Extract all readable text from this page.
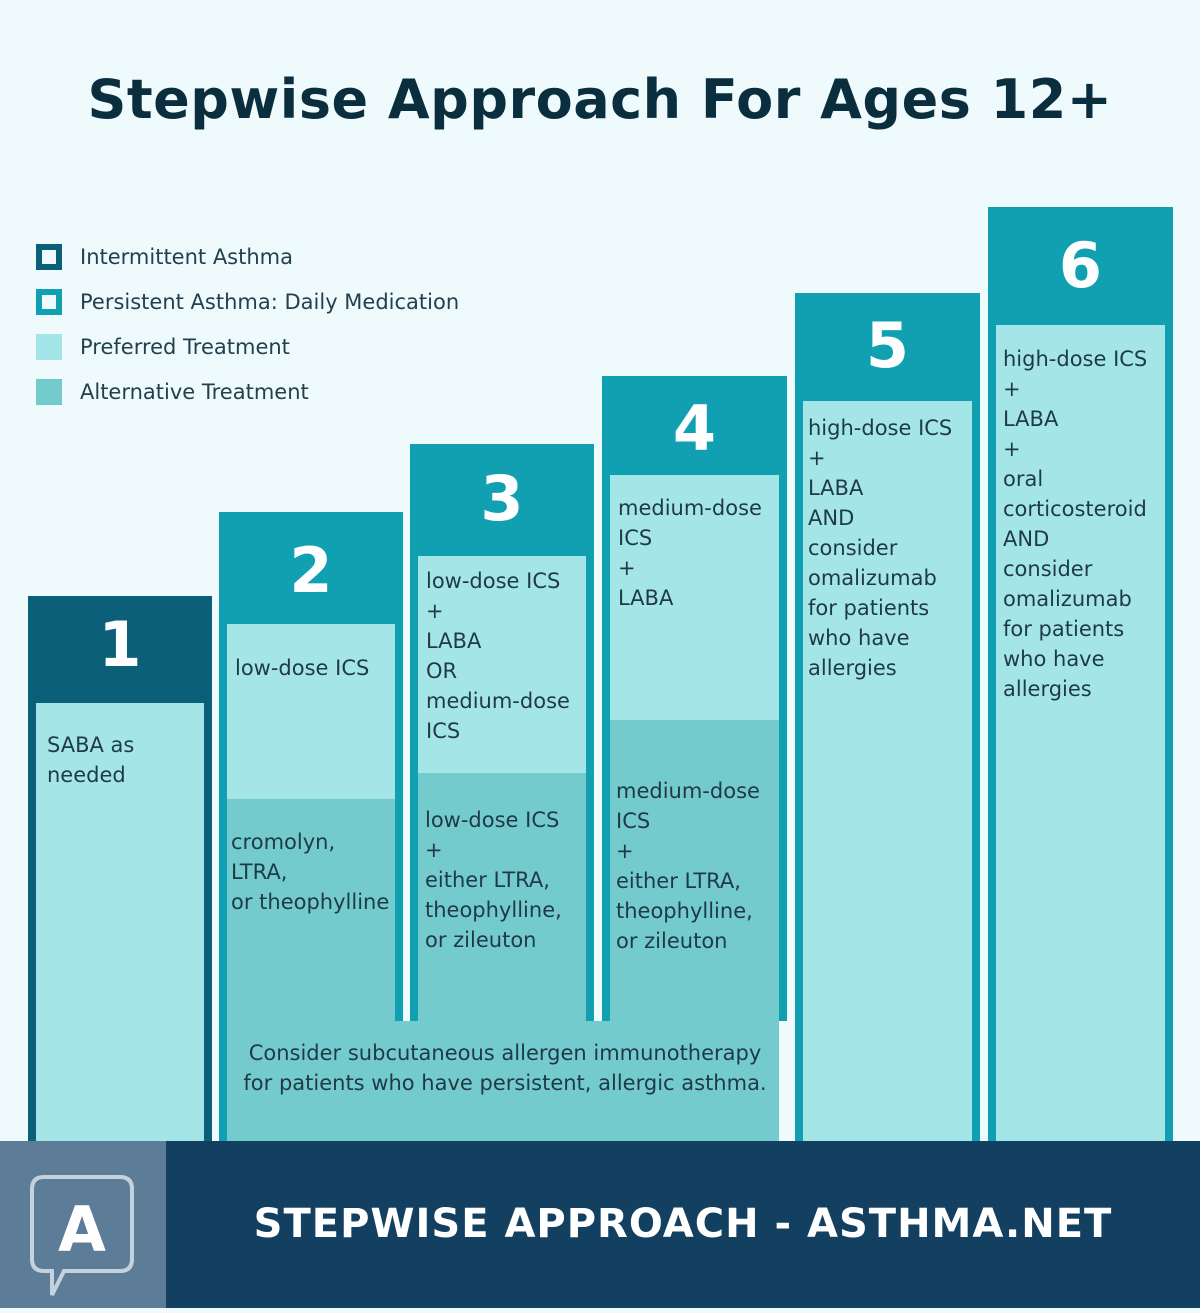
Stepwise Approach For Ages 12+
Intermittent Asthma
Persistent Asthma: Daily Medication
Preferred Treatment
Alternative Treatment
1
SABA as
needed
2
low-dose ICS
3
low-dose ICS
+
LABA
OR
medium-dose
ICS
4
medium-dose
ICS
+
LABA
cromolyn,
LTRA,
or theophylline
low-dose ICS
+
either LTRA,
theophylline,
or zileuton
medium-dose
ICS
+
either LTRA,
theophylline,
or zileuton
Consider subcutaneous allergen immunotherapy
for patients who have persistent, allergic asthma.
5
high-dose ICS
+
LABA
AND
consider
omalizumab
for patients
who have
allergies
6
high-dose ICS
+
LABA
+
oral
corticosteroid
AND
consider
omalizumab
for patients
who have
allergies
A	STEPWISE APPROACH - ASTHMA.NET
